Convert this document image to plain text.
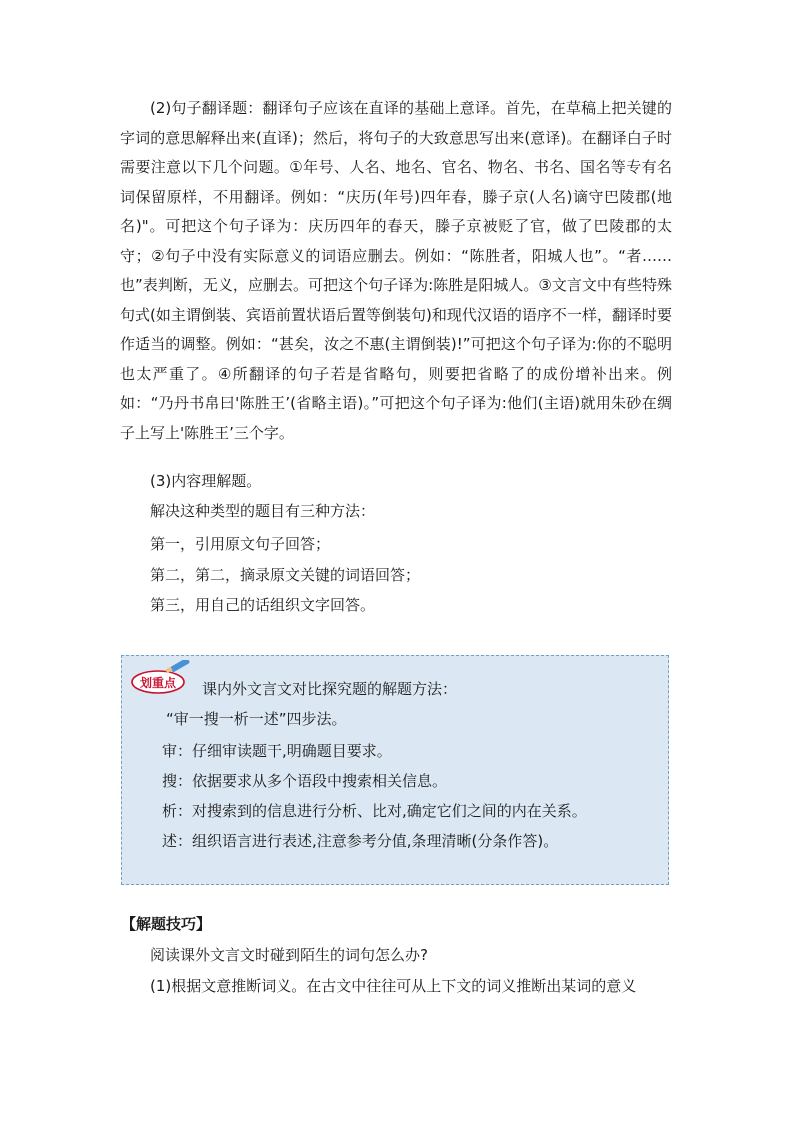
(2)句子翻译题：翻译句子应该在直译的基础上意译。首先，在草稿上把关键的字词的意思解释出来(直译)；然后，将句子的大致意思写出来(意译)。在翻译白子时需要注意以下几个问题。①年号、人名、地名、官名、物名、书名、国名等专有名词保留原样，不用翻译。例如：“庆历(年号)四年春，滕子京(人名)谪守巴陵郡(地名)"。可把这个句子译为：庆历四年的春天，滕子京被贬了官，做了巴陵郡的太守；②句子中没有实际意义的词语应删去。例如：“陈胜者，阳城人也”。“者……也”表判断，无义，应删去。可把这个句子译为:陈胜是阳城人。③文言文中有些特殊句式(如主谓倒装、宾语前置状语后置等倒装句)和现代汉语的语序不一样，翻译时要作适当的调整。例如：“甚矣，汝之不惠(主谓倒装)!”可把这个句子译为:你的不聪明也太严重了。④所翻译的句子若是省略句，则要把省略了的成份增补出来。例如：“乃丹书帛曰'陈胜王’(省略主语)。”可把这个句子译为:他们(主语)就用朱砂在绸子上写上'陈胜王’三个字。

(3)内容理解题。
解决这种类型的题目有三种方法：
第一，引用原文句子回答；
第二，第二，摘录原文关键的词语回答；
第三，用自己的话组织文字回答。
划重点 课内外文言文对比探究题的解题方法：
“审一搜一析一述”四步法。
审：仔细审读题干,明确题目要求。
搜：依据要求从多个语段中搜索相关信息。
析：对搜索到的信息进行分析、比对,确定它们之间的内在关系。
述：组织语言进行表述,注意参考分值,条理清晰(分条作答)。
【解题技巧】
阅读课外文言文时碰到陌生的词句怎么办?
(1)根据文意推断词义。在古文中往往可从上下文的词义推断出某词的意义
